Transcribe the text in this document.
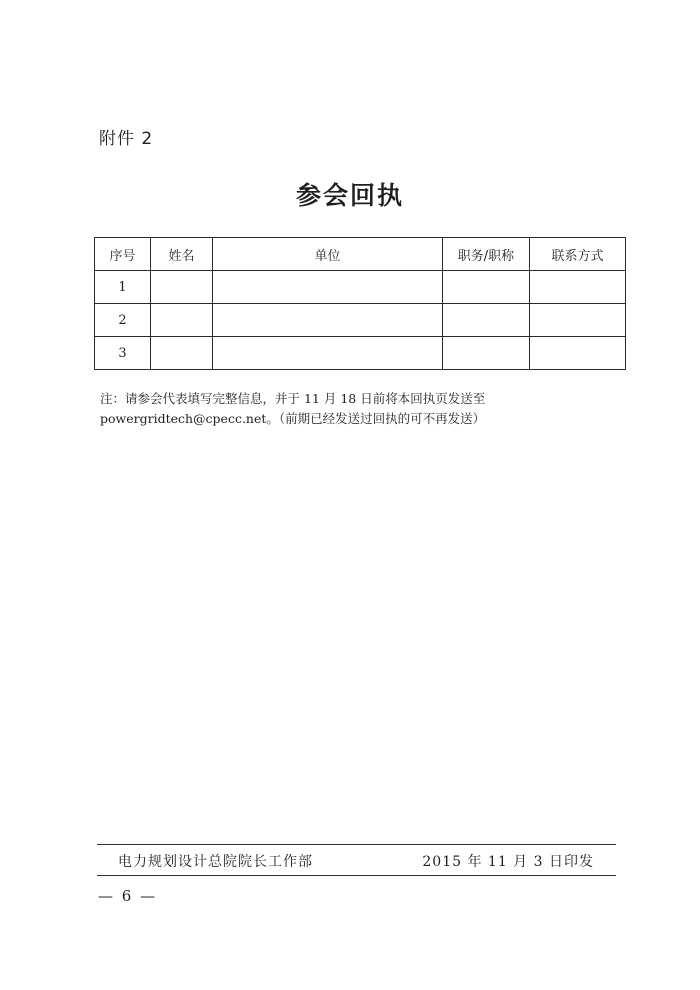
附件 2
参会回执
序号	姓名	单位	职务/职称	联系方式
1				
2				
3				
注：请参会代表填写完整信息，并于 11 月 18 日前将本回执页发送至
powergridtech@cpecc.net。（前期已经发送过回执的可不再发送）
电力规划设计总院院长工作部	2015 年 11 月 3 日印发
— 6 —
